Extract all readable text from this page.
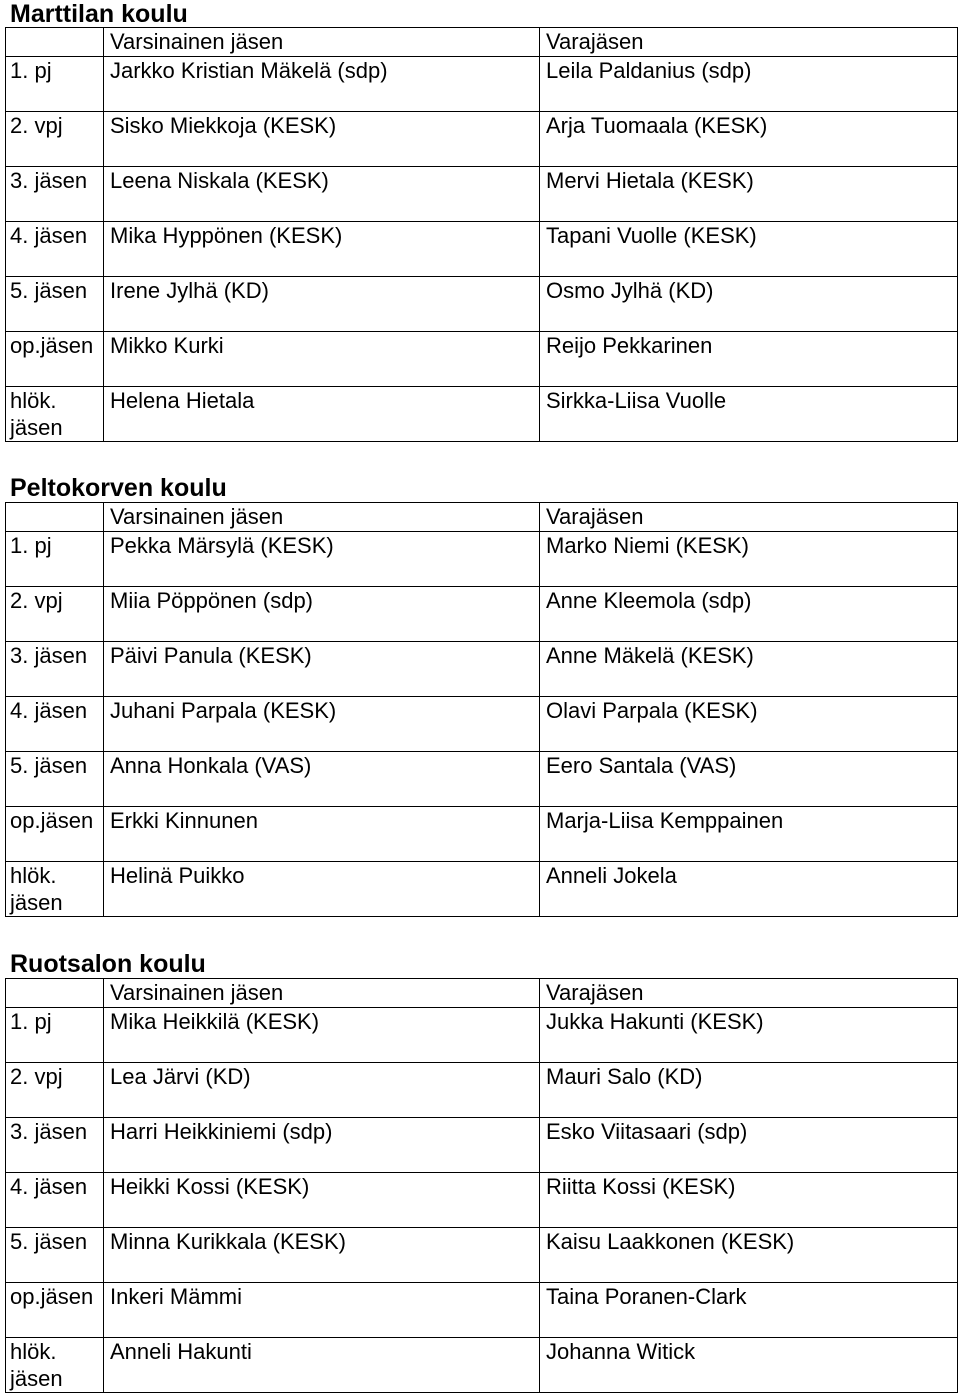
Marttilan koulu
	Varsinainen jäsen	Varajäsen
1. pj	Jarkko Kristian Mäkelä (sdp)	Leila Paldanius (sdp)
2. vpj	Sisko Miekkoja (KESK)	Arja Tuomaala (KESK)
3. jäsen	Leena Niskala (KESK)	Mervi Hietala (KESK)
4. jäsen	Mika Hyppönen (KESK)	Tapani Vuolle (KESK)
5. jäsen	Irene Jylhä (KD)	Osmo Jylhä (KD)
op.jäsen	Mikko Kurki	Reijo Pekkarinen
hlök.
jäsen	Helena Hietala	Sirkka-Liisa Vuolle
Peltokorven koulu
	Varsinainen jäsen	Varajäsen
1. pj	Pekka Märsylä (KESK)	Marko Niemi (KESK)
2. vpj	Miia Pöppönen (sdp)	Anne Kleemola (sdp)
3. jäsen	Päivi Panula (KESK)	Anne Mäkelä (KESK)
4. jäsen	Juhani Parpala (KESK)	Olavi Parpala (KESK)
5. jäsen	Anna Honkala (VAS)	Eero Santala (VAS)
op.jäsen	Erkki Kinnunen	Marja-Liisa Kemppainen
hlök.
jäsen	Helinä Puikko	Anneli Jokela
Ruotsalon koulu
	Varsinainen jäsen	Varajäsen
1. pj	Mika Heikkilä (KESK)	Jukka Hakunti (KESK)
2. vpj	Lea Järvi (KD)	Mauri Salo (KD)
3. jäsen	Harri Heikkiniemi (sdp)	Esko Viitasaari (sdp)
4. jäsen	Heikki Kossi (KESK)	Riitta Kossi (KESK)
5. jäsen	Minna Kurikkala (KESK)	Kaisu Laakkonen (KESK)
op.jäsen	Inkeri Mämmi	Taina Poranen-Clark
hlök.
jäsen	Anneli Hakunti	Johanna Witick
